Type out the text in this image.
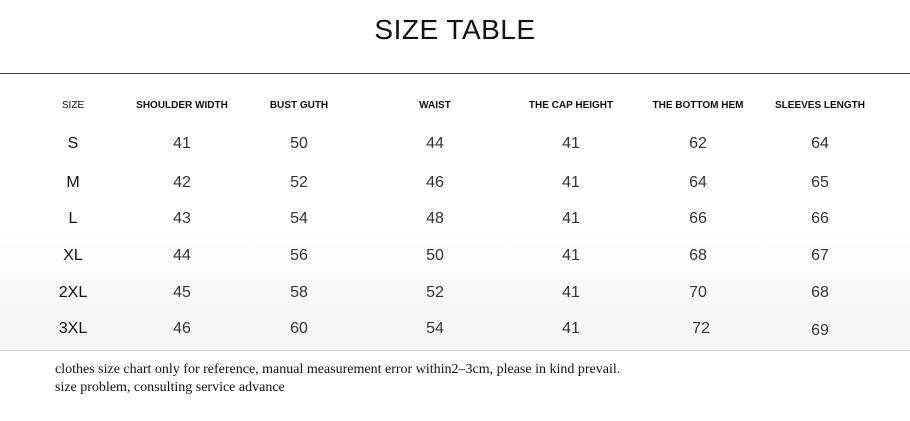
SIZE TABLE
clothes size chart only for reference, manual measurement error within2–3cm, please in kind prevail.
size problem, consulting service advance
SIZE	SHOULDER WIDTH	BUST GUTH	WAIST	THE CAP HEIGHT	THE BOTTOM HEM	SLEEVES LENGTH
S	41	50	44	41	62	64
M	42	52	46	41	64	65
L	43	54	48	41	66	66
XL	44	56	50	41	68	67
2XL	45	58	52	41	70	68
3XL	46	60	54	41	72	69
